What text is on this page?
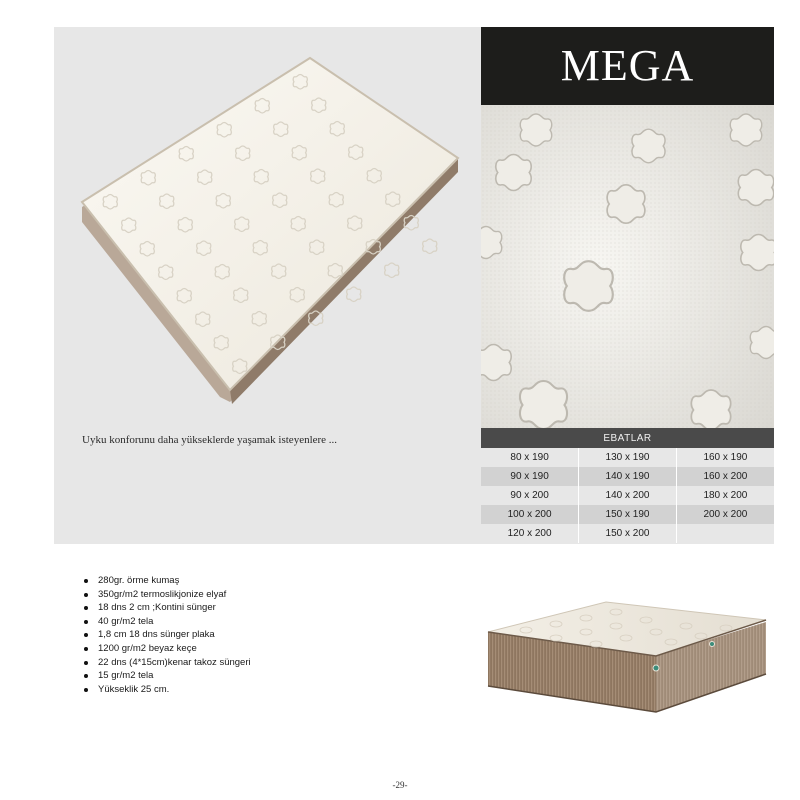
Uyku konforunu daha yükseklerde yaşamak isteyenlere ...
MEGA
EBATLAR
80 x 190	130 x 190	160 x 190
90 x 190	140 x 190	160 x 200
90 x 200	140 x 200	180 x 200
100 x 200	150 x 190	200 x 200
120 x 200	150 x 200	
280gr. örme kumaş
350gr/m2 termoslikjonize elyaf
18 dns 2 cm ;Kontini sünger
40 gr/m2 tela
1,8 cm 18 dns sünger plaka
1200 gr/m2 beyaz keçe
22 dns (4*15cm)kenar takoz süngeri
15 gr/m2 tela
Yükseklik 25 cm.
-29-
